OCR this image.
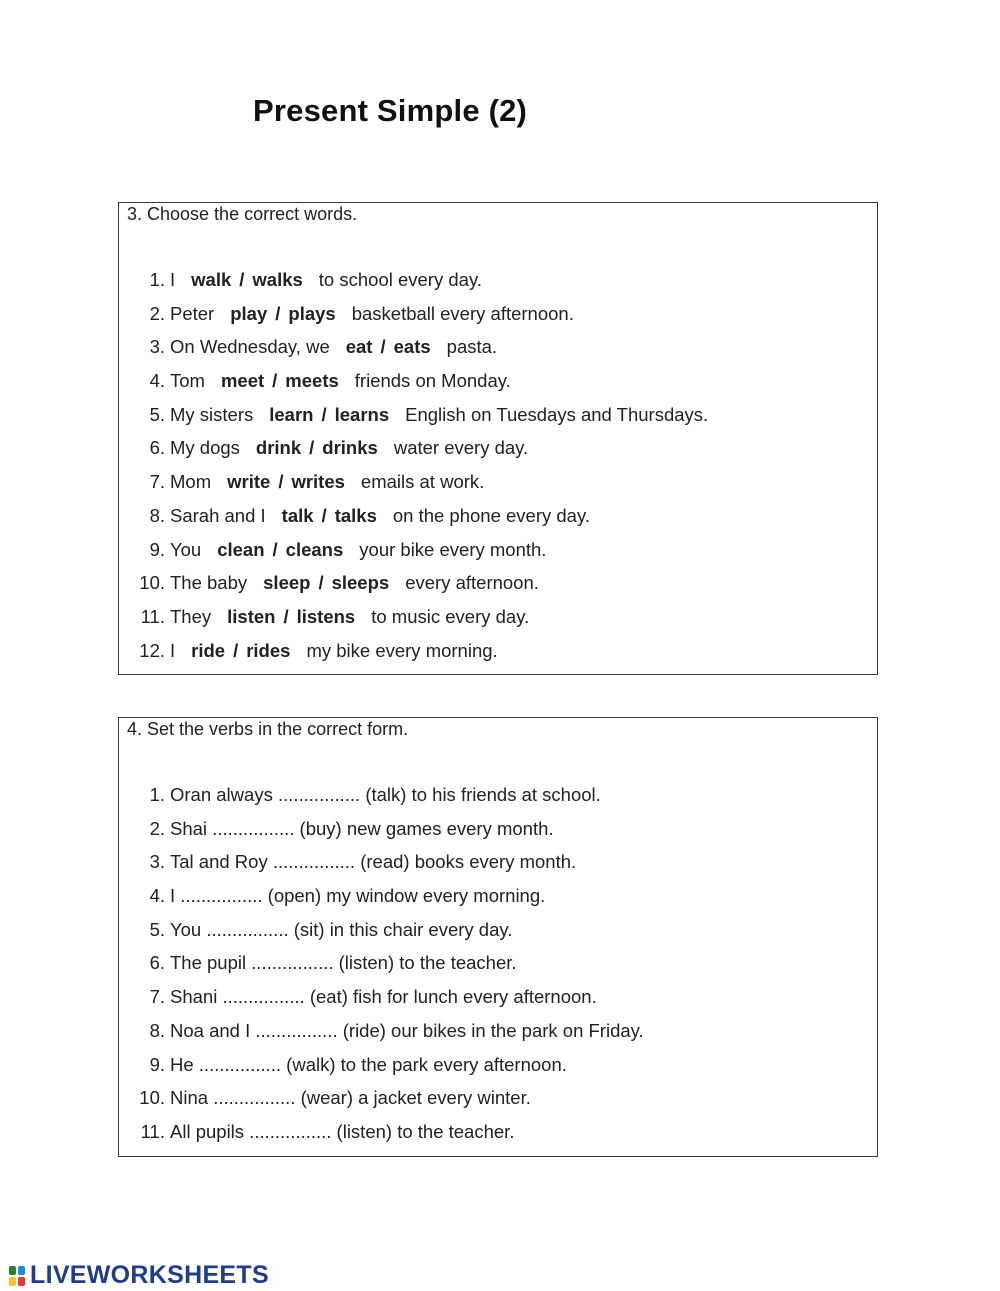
Present Simple (2)
3. Choose the correct words.
1. I walk / walks to school every day.
2. Peter play / plays basketball every afternoon.
3. On Wednesday, we eat / eats pasta.
4. Tom meet / meets friends on Monday.
5. My sisters learn / learns English on Tuesdays and Thursdays.
6. My dogs drink / drinks water every day.
7. Mom write / writes emails at work.
8. Sarah and I talk / talks on the phone every day.
9. You clean / cleans your bike every month.
10. The baby sleep / sleeps every afternoon.
11. They listen / listens to music every day.
12. I ride / rides my bike every morning.
4. Set the verbs in the correct form.
1. Oran always ................ (talk) to his friends at school.
2. Shai ................ (buy) new games every month.
3. Tal and Roy ................ (read) books every month.
4. I ................ (open) my window every morning.
5. You ................ (sit) in this chair every day.
6. The pupil ................ (listen) to the teacher.
7. Shani ................ (eat) fish for lunch every afternoon.
8. Noa and I ................ (ride) our bikes in the park on Friday.
9. He ................ (walk) to the park every afternoon.
10. Nina ................ (wear) a jacket every winter.
11. All pupils ................ (listen) to the teacher.
LIVEWORKSHEETS
